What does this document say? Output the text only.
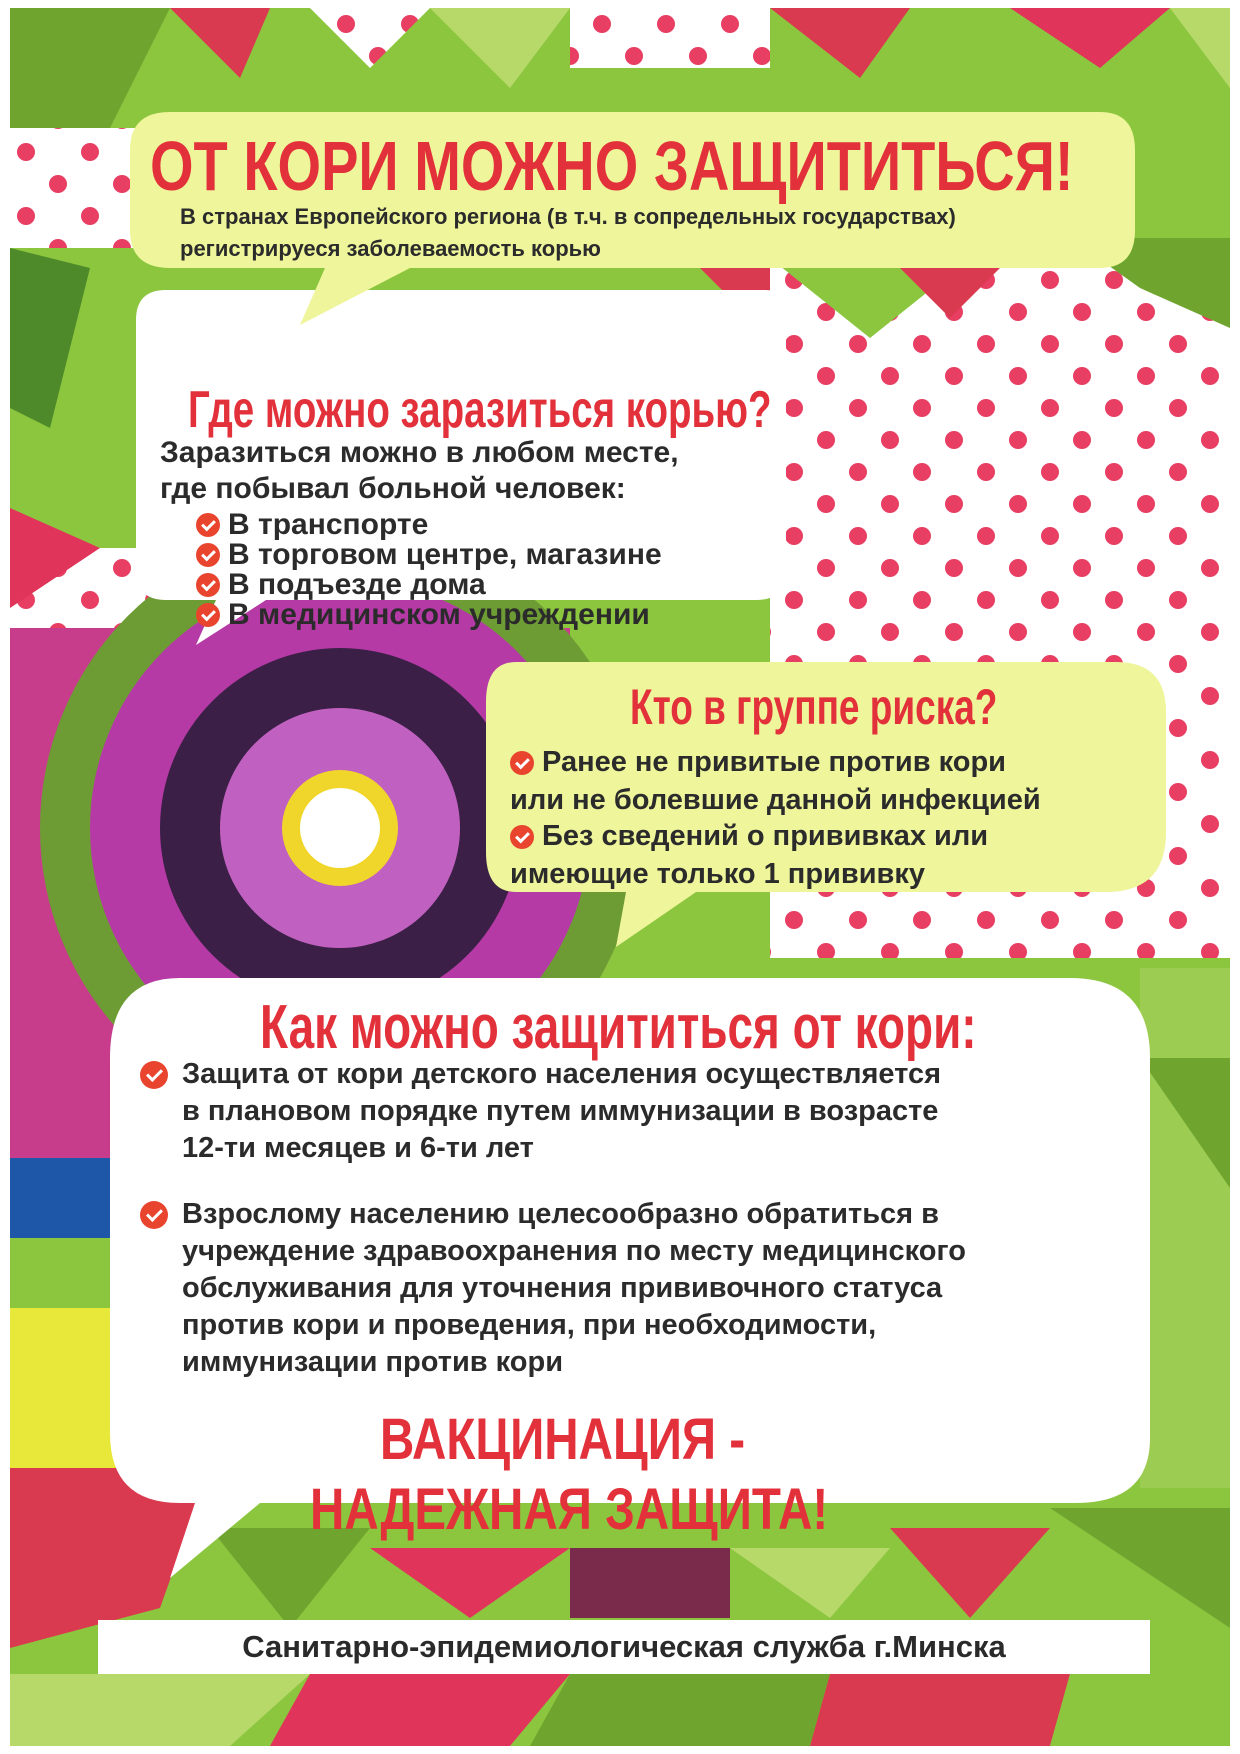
ОТ КОРИ МОЖНО ЗАЩИТИТЬСЯ!
В странах Европейского региона (в т.ч. в сопредельных государствах)
регистрируеся заболеваемость корью
Где можно заразиться корью?
Заразиться можно в любом месте,
где побывал больной человек:
В транспорте
В торговом центре, магазине
В подъезде дома
В медицинском учреждении
Кто в группе риска?
Ранее не привитые против кори
или не болевшие данной инфекцией
Без сведений о прививках или
имеющие только 1 прививку
Как можно защититься от кори:
Защита от кори детского населения осуществляется
в плановом порядке путем иммунизации в возрасте
12-ти месяцев и 6-ти лет
Взрослому населению целесообразно обратиться в
учреждение здравоохранения по месту медицинского
обслуживания для уточнения прививочного статуса
против кори и проведения, при необходимости,
иммунизации против кори
ВАКЦИНАЦИЯ -
НАДЕЖНАЯ ЗАЩИТА!
Санитарно-эпидемиологическая служба г.Минска
